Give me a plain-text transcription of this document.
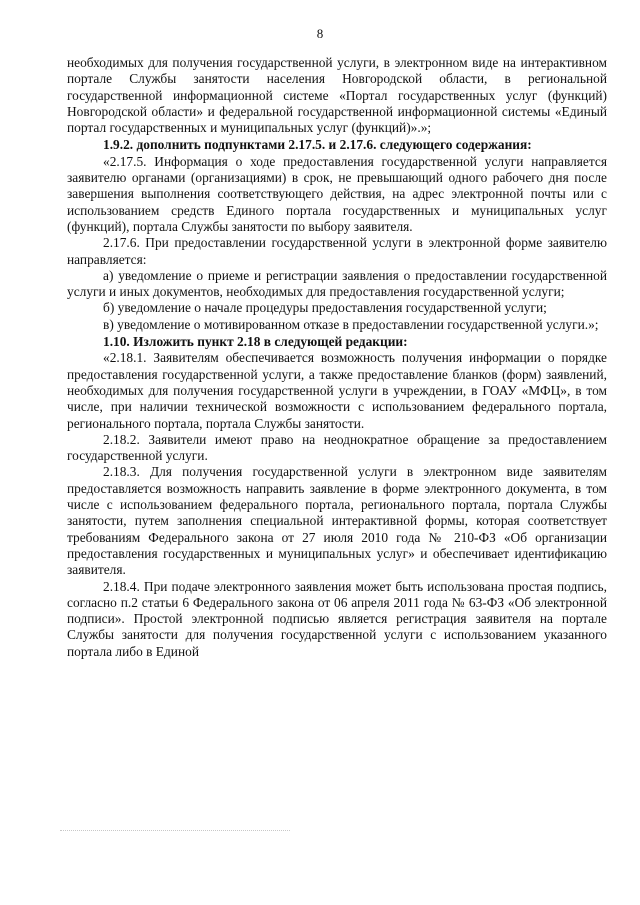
8

необходимых для получения государственной услуги, в электронном виде на интерактивном портале Службы занятости населения Новгородской области, в региональной государственной информационной системе «Портал государственных услуг (функций) Новгородской области» и федеральной государственной информационной системы «Единый портал государственных и муниципальных услуг (функций)».»;

1.9.2. дополнить подпунктами 2.17.5. и 2.17.6. следующего содержания:

«2.17.5. Информация о ходе предоставления государственной услуги направляется заявителю органами (организациями) в срок, не превышающий одного рабочего дня после завершения выполнения соответствующего действия, на адрес электронной почты или с использованием средств Единого портала государственных и муниципальных услуг (функций), портала Службы занятости по выбору заявителя.

2.17.6. При предоставлении государственной услуги в электронной форме заявителю направляется:

а) уведомление о приеме и регистрации заявления о предоставлении государственной услуги и иных документов, необходимых для предоставления государственной услуги;

б) уведомление о начале процедуры предоставления государственной услуги;

в) уведомление о мотивированном отказе в предоставлении государственной услуги.»;

1.10. Изложить пункт 2.18 в следующей редакции:

«2.18.1. Заявителям обеспечивается возможность получения информации о порядке предоставления государственной услуги, а также предоставление бланков (форм) заявлений, необходимых для получения государственной услуги в учреждении, в ГОАУ «МФЦ», в том числе, при наличии технической возможности с использованием федерального портала, регионального портала, портала Службы занятости.

2.18.2. Заявители имеют право на неоднократное обращение за предоставлением государственной услуги.

2.18.3. Для получения государственной услуги в электронном виде заявителям предоставляется возможность направить заявление в форме электронного документа, в том числе с использованием федерального портала, регионального портала, портала Службы занятости, путем заполнения специальной интерактивной формы, которая соответствует требованиям Федерального закона от 27 июля 2010 года № 210-ФЗ «Об организации предоставления государственных и муниципальных услуг» и обеспечивает идентификацию заявителя.

2.18.4. При подаче электронного заявления может быть использована простая подпись, согласно п.2 статьи 6 Федерального закона от 06 апреля 2011 года № 63-ФЗ «Об электронной подписи». Простой электронной подписью является регистрация заявителя на портале Службы занятости для получения государственной услуги с использованием указанного портала либо в Единой
